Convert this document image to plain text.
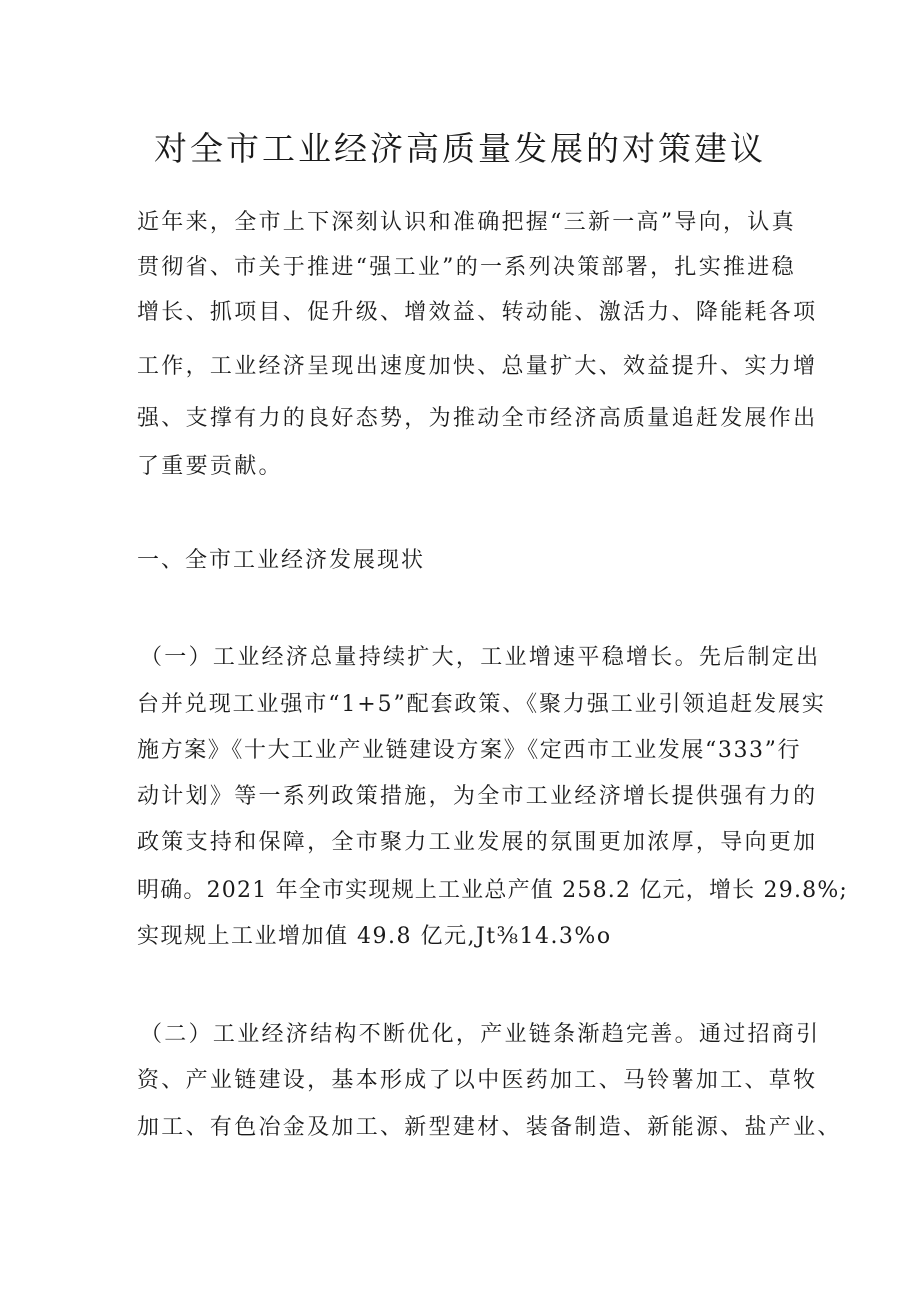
对全市工业经济高质量发展的对策建议

近年来，全市上下深刻认识和准确把握“三新一高”导向，认真

贯彻省、市关于推进“强工业”的一系列决策部署，扎实推进稳

增长、抓项目、促升级、增效益、转动能、激活力、降能耗各项

工作，工业经济呈现出速度加快、总量扩大、效益提升、实力增

强、支撑有力的良好态势，为推动全市经济高质量追赶发展作出

了重要贡献。

一、全市工业经济发展现状

（一）工业经济总量持续扩大，工业增速平稳增长。先后制定出

台并兑现工业强市“1+5”配套政策、《聚力强工业引领追赶发展实

施方案》《十大工业产业链建设方案》《定西市工业发展“333”行

动计划》等一系列政策措施，为全市工业经济增长提供强有力的

政策支持和保障，全市聚力工业发展的氛围更加浓厚，导向更加

明确。2021 年全市实现规上工业总产值 258.2 亿元，增长 29.8%;

实现规上工业增加值 49.8 亿元,Jt⅜14.3%o

（二）工业经济结构不断优化，产业链条渐趋完善。通过招商引

资、产业链建设，基本形成了以中医药加工、马铃薯加工、草牧

加工、有色冶金及加工、新型建材、装备制造、新能源、盐产业、
